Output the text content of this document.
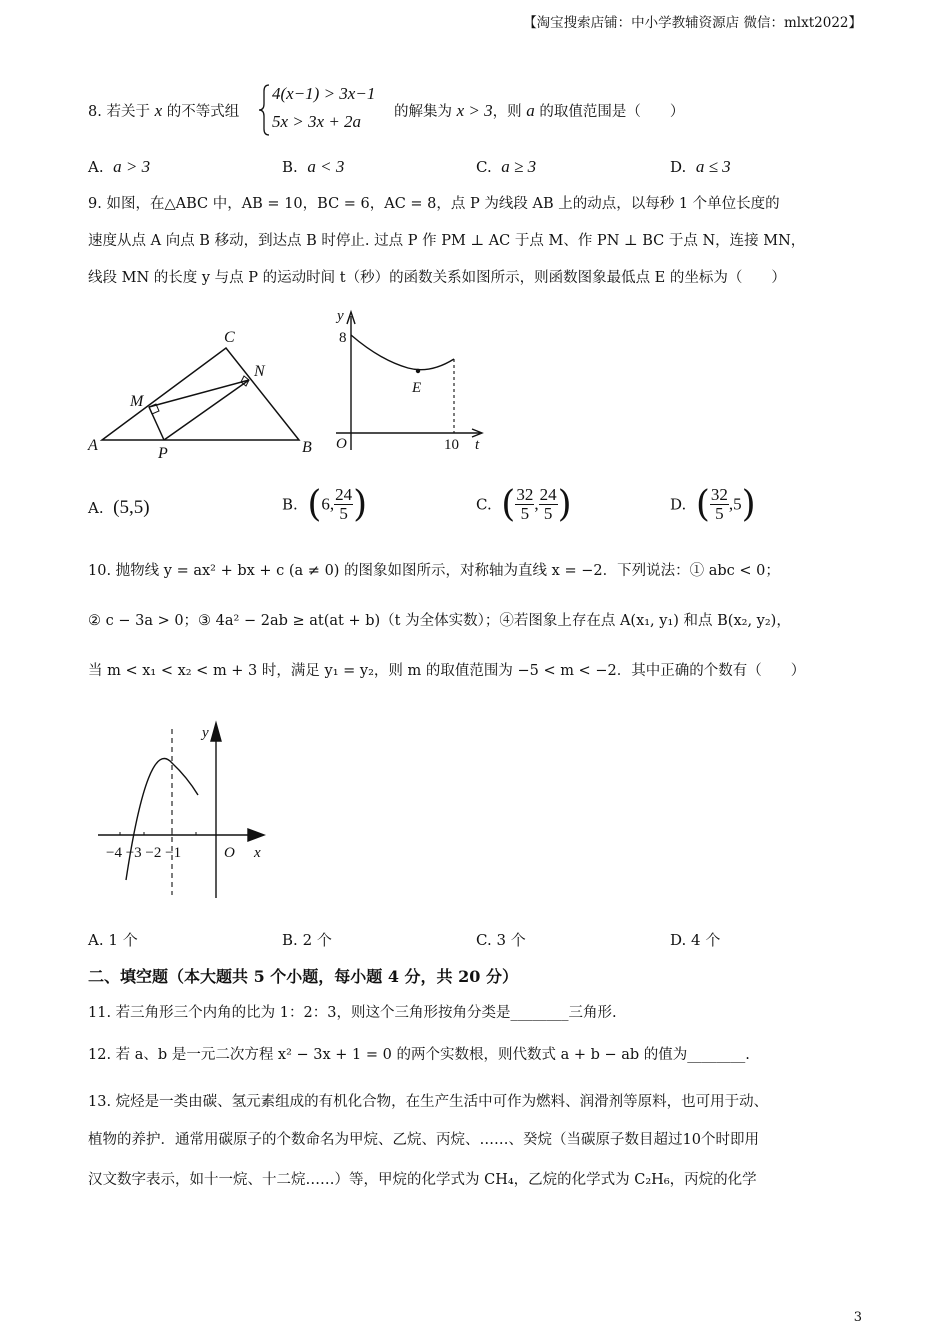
【淘宝搜索店铺：中小学教辅资源店 微信：mlxt2022】
8. 若关于 x 的不等式组
4(x−1) > 3x−1
5x > 3x + 2a 的解集为 x > 3，则 a 的取值范围是（　　）
A. a > 3	B. a < 3	C. a ≥ 3	D. a ≤ 3
9. 如图，在△ABC 中，AB = 10，BC = 6，AC = 8，点 P 为线段 AB 上的动点，以每秒 1 个单位长度的
速度从点 A 向点 B 移动，到达点 B 时停止. 过点 P 作 PM ⊥ AC 于点 M、作 PN ⊥ BC 于点 N，连接 MN，
线段 MN 的长度 y 与点 P 的运动时间 t（秒）的函数关系如图所示，则函数图象最低点 E 的坐标为（　　）
C
N
M
A	B
P
y
8
E
O	10 t
A. (5,5)	B. (6, $\frac{24}{5}$ )	C. ( $\frac{32}{5}$ , $\frac{24}{5}$ )	D. ( $\frac{32}{5} ,5$)
10. 抛物线 y = ax² + bx + c (a ≠ 0) 的图象如图所示，对称轴为直线 x = −2．下列说法：① abc < 0；
② c − 3a > 0；③ 4a² − 2ab ≥ at(at + b)（t 为全体实数）；④若图象上存在点 A(x₁, y₁) 和点 B(x₂, y₂)，
当 m < x₁ < x₂ < m + 3 时，满足 y₁ = y₂，则 m 的取值范围为 −5 < m < −2．其中正确的个数有（　　）
y
−4 −3 −2 −1	O x
A. 1 个	B. 2 个	C. 3 个	D. 4 个
二、填空题（本大题共 5 个小题，每小题 4 分，共 20 分）
11. 若三角形三个内角的比为 1：2：3，则这个三角形按角分类是________三角形.
12. 若 a、b 是一元二次方程 x² − 3x + 1 = 0 的两个实数根，则代数式 a + b − ab 的值为________.
13. 烷烃是一类由碳、氢元素组成的有机化合物，在生产生活中可作为燃料、润滑剂等原料，也可用于动、
植物的养护．通常用碳原子的个数命名为甲烷、乙烷、丙烷、……、癸烷（当碳原子数目超过10个时即用
汉文数字表示，如十一烷、十二烷……）等，甲烷的化学式为 CH₄，乙烷的化学式为 C₂H₆，丙烷的化学
3
